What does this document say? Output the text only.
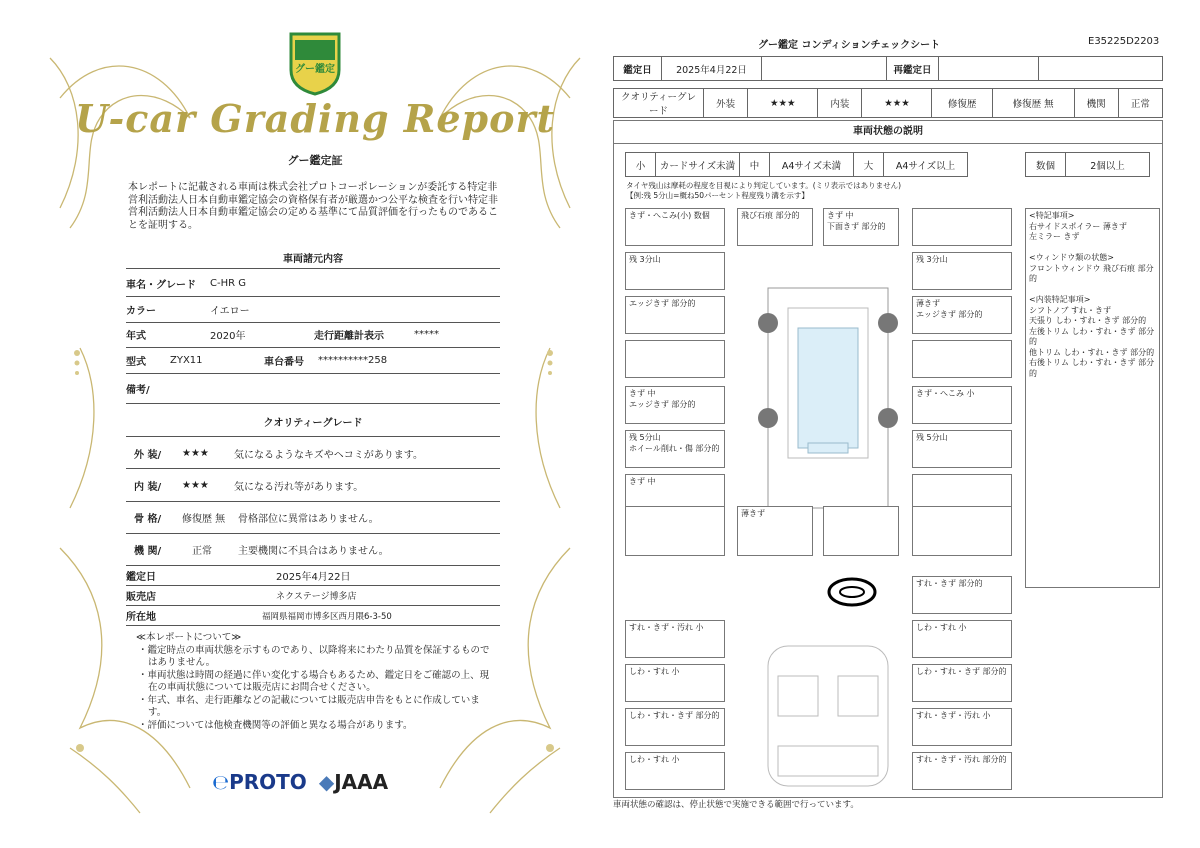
グー鑑定
U-car Grading Report
グー鑑定証
本レポートに記載される車両は株式会社プロトコーポレーションが委託する特定非営利活動法人日本自動車鑑定協会の資格保有者が厳選かつ公平な検査を行い特定非営利活動法人日本自動車鑑定協会の定める基準にて品質評価を行ったものであることを証明する。
車両諸元内容
車名・グレード	C-HR G
カラー	イエロー
年式	2020年	走行距離計表示	*****
型式	ZYX11	車台番号	**********258
備考/
クオリティーグレード
外 装/	★★★	気になるようなキズやヘコミがあります。
内 装/	★★★	気になる汚れ等があります。
骨 格/	修復歴 無	骨格部位に異常はありません。
機 関/	正常	主要機関に不具合はありません。
鑑定日	2025年4月22日
販売店	ネクステージ博多店
所在地	福岡県福岡市博多区西月隈6-3-50
≪本レポートについて≫

・鑑定時点の車両状態を示すものであり、以降将来にわたり品質を保証するものではありません。

・車両状態は時間の経過に伴い変化する場合もあるため、鑑定日をご確認の上、現在の車両状態については販売店にお問合せください。

・年式、車名、走行距離などの記載については販売店申告をもとに作成しています。

・評価については他検査機関等の評価と異なる場合があります。

℮PROTO ◆JAAA
グー鑑定 コンディションチェックシート	E35225D2203
鑑定日	2025年4月22日		再鑑定日		
クオリティーグレード	外装	★★★	内装	★★★	修復歴	修復歴 無	機関	正常
車両状態の説明
小	カードサイズ未満	中	A4サイズ未満	大	A4サイズ以上	数個	2個以上
タイヤ残山は摩耗の程度を目視により判定しています。(ミリ表示ではありません)
【例:残 5分山=概ね50パーセント程度残り溝を示す】
きず・へこみ(小) 数個	飛び石痕 部分的	きず 中
下面きず 部分的
残 3分山	残 3分山
エッジきず 部分的	薄きず
エッジきず 部分的
きず 中
エッジきず 部分的
きず・へこみ 小
残 5分山
ホイール削れ・傷 部分的
残 5分山
きず 中
薄きず
<特記事項>
右サイドスポイラー 薄きず
左ミラー きず

<ウィンドウ類の状態>
フロントウィンドウ 飛び石痕 部分的

<内装特記事項>
シフトノブ すれ・きず
天張り しわ・すれ・きず 部分的
左後トリム しわ・すれ・きず 部分的
他トリム しわ・すれ・きず 部分的
右後トリム しわ・すれ・きず 部分的
すれ・きず・汚れ 小
しわ・すれ 小
しわ・すれ・きず 部分的
しわ・すれ 小
すれ・きず 部分的
しわ・すれ 小
しわ・すれ・きず 部分的
すれ・きず・汚れ 小
すれ・きず・汚れ 部分的
車両状態の確認は、停止状態で実施できる範囲で行っています。
